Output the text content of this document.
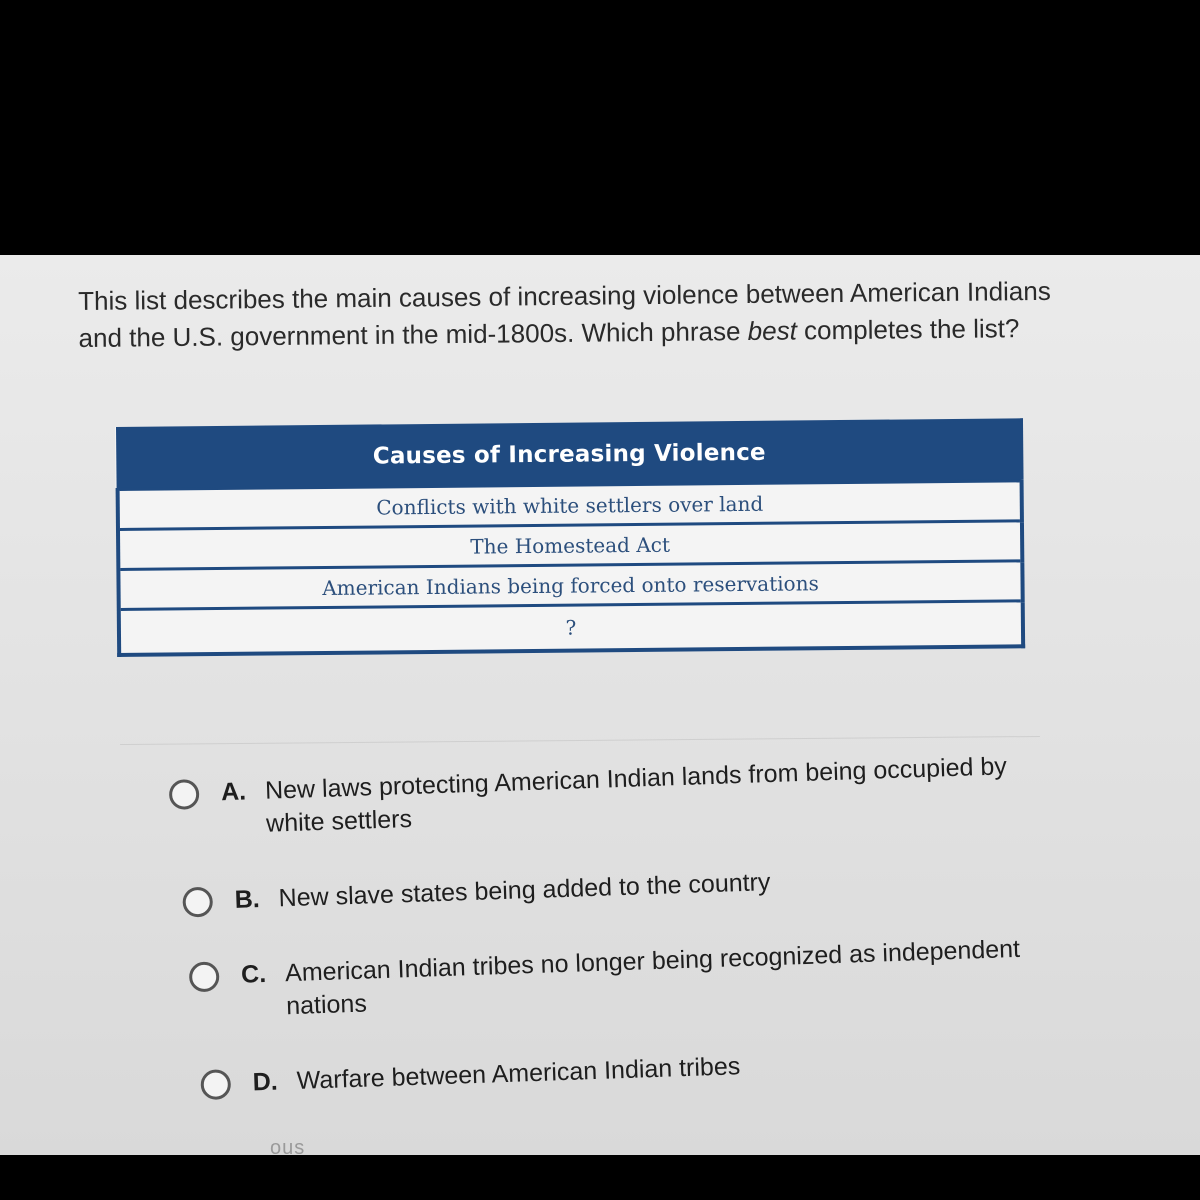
This list describes the main causes of increasing violence between American Indians and the U.S. government in the mid-1800s. Which phrase best completes the list?
Causes of Increasing Violence
Conflicts with white settlers over land
The Homestead Act
American Indians being forced onto reservations
?
A. New laws protecting American Indian lands from being occupied by white settlers
B. New slave states being added to the country
C. American Indian tribes no longer being recognized as independent nations
D. Warfare between American Indian tribes
ous
